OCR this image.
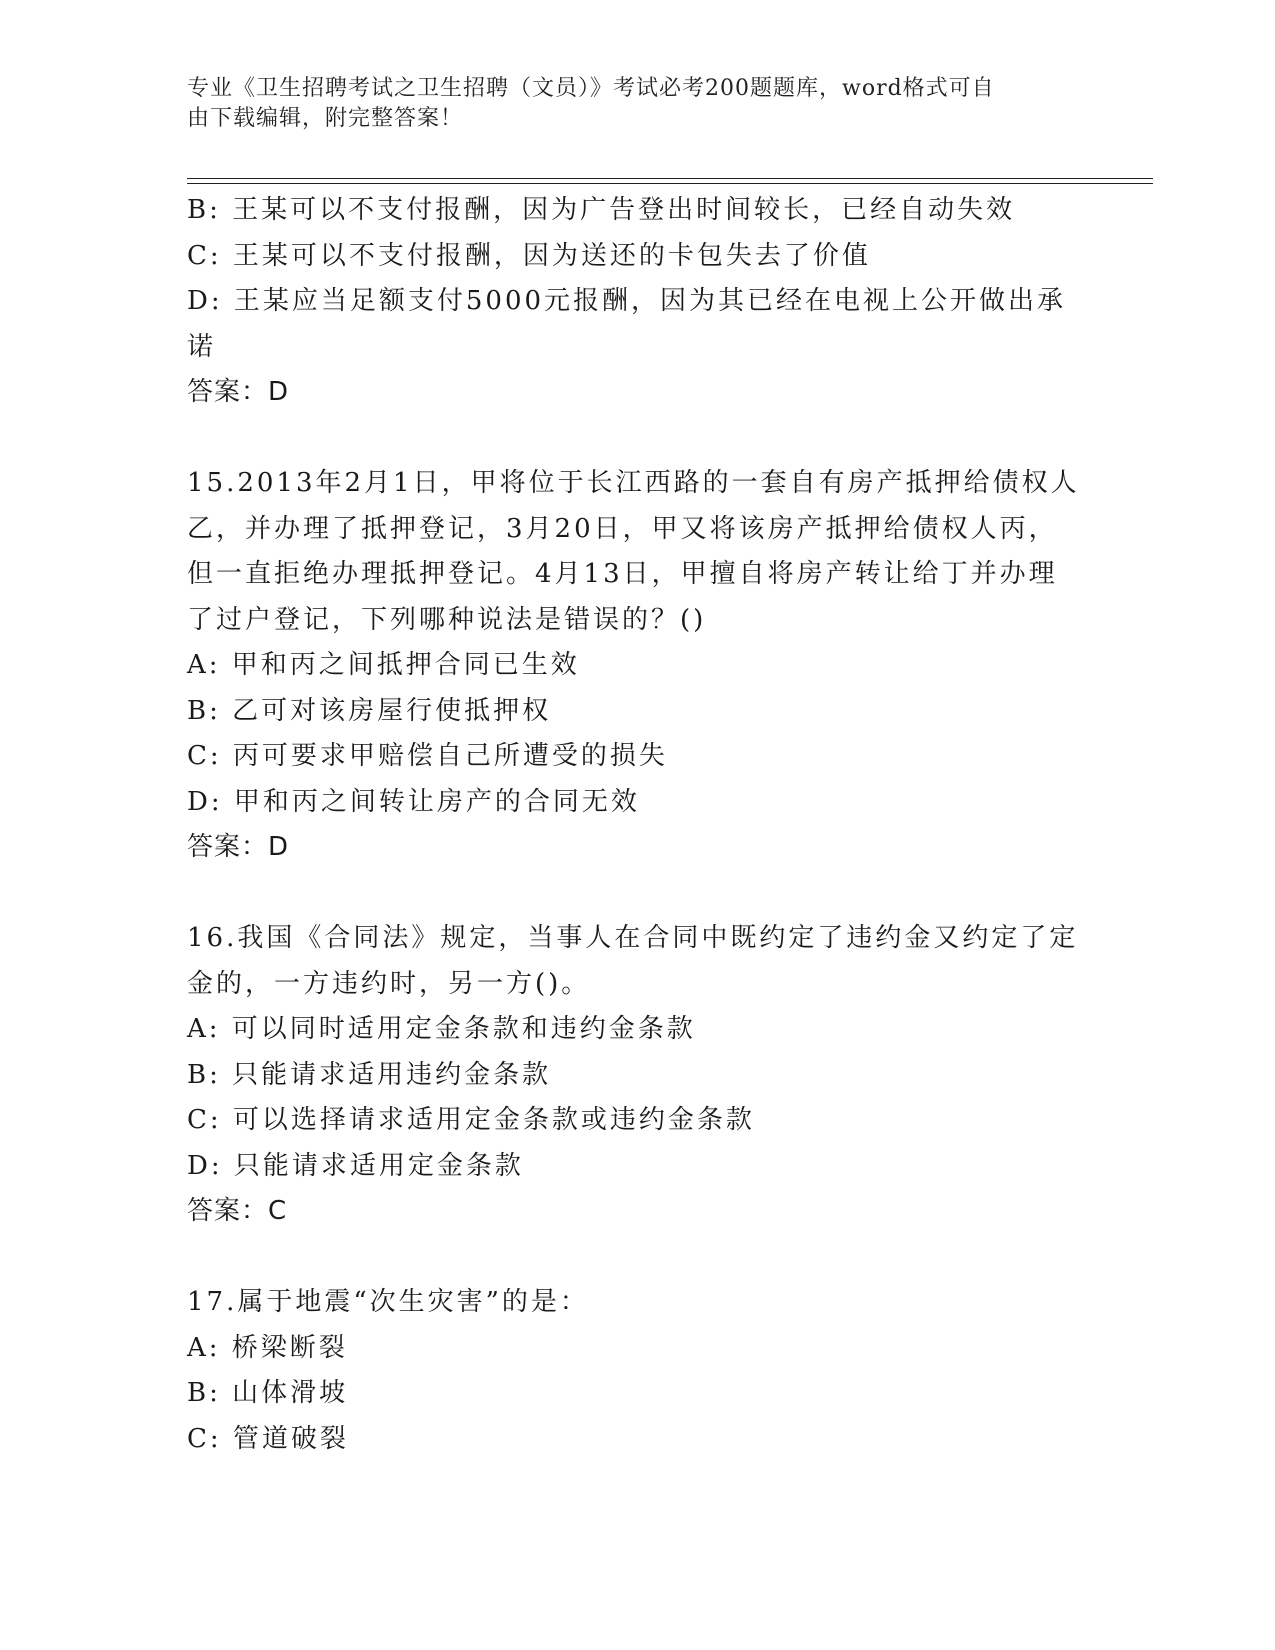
专业《卫生招聘考试之卫生招聘（文员）》考试必考200题题库，word格式可自
由下载编辑，附完整答案！
B: 王某可以不支付报酬，因为广告登出时间较长，已经自动失效
C: 王某可以不支付报酬，因为送还的卡包失去了价值
D: 王某应当足额支付5000元报酬，因为其已经在电视上公开做出承
诺
答案：D
15.2013年2月1日，甲将位于长江西路的一套自有房产抵押给债权人
乙，并办理了抵押登记，3月20日，甲又将该房产抵押给债权人丙，
但一直拒绝办理抵押登记。4月13日，甲擅自将房产转让给丁并办理
了过户登记，下列哪种说法是错误的？()
A: 甲和丙之间抵押合同已生效
B: 乙可对该房屋行使抵押权
C: 丙可要求甲赔偿自己所遭受的损失
D: 甲和丙之间转让房产的合同无效
答案：D
16.我国《合同法》规定，当事人在合同中既约定了违约金又约定了定
金的，一方违约时，另一方()。
A: 可以同时适用定金条款和违约金条款
B: 只能请求适用违约金条款
C: 可以选择请求适用定金条款或违约金条款
D: 只能请求适用定金条款
答案：C
17.属于地震“次生灾害”的是：
A: 桥梁断裂
B: 山体滑坡
C: 管道破裂
